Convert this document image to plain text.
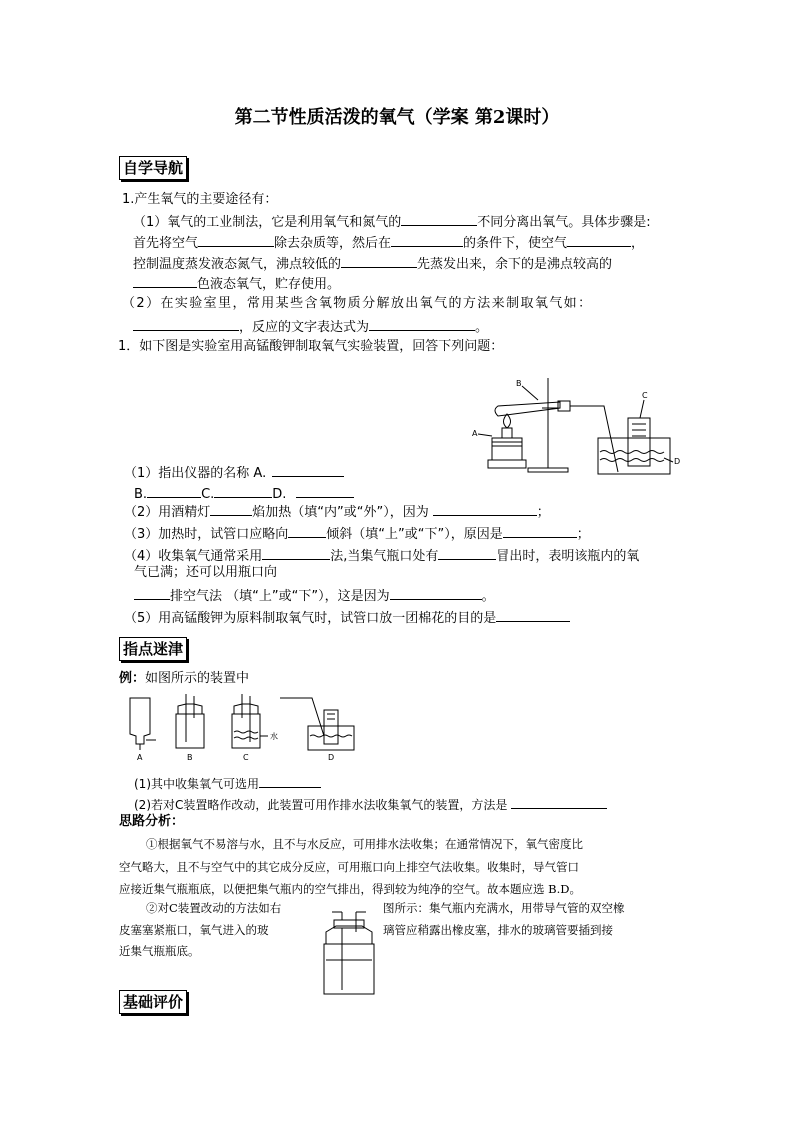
第二节性质活泼的氧气（学案 第2课时）
自学导航
1.产生氧气的主要途径有：
（1）氧气的工业制法，它是利用氧气和氮气的	不同分离出氧气。具体步骤是:
首先将空气	除去杂质等，然后在	的条件下，使空气	，
控制温度蒸发液态氮气，沸点较低的	先蒸发出来，余下的是沸点较高的
色液态氧气，贮存使用。
（2）在实验室里，常用某些含氧物质分解放出氧气的方法来制取氧气如：
，反应的文字表达式为	。
1．如下图是实验室用高锰酸钾制取氧气实验装置，回答下列问题：
B
A
C
D
（1）指出仪器的名称 A.
B.	C.	D.
（2）用酒精灯	焰加热（填“内”或“外”），因为	；
（3）加热时，试管口应略向	倾斜（填“上”或“下”），原因是	；
（4）收集氧气通常采用	法,当集气瓶口处有	冒出时，表明该瓶内的氧
气已满；还可以用瓶口向
排空气法 （填“上”或“下”），这是因为	。
（5）用高锰酸钾为原料制取氧气时，试管口放一团棉花的目的是
指点迷津
例：如图所示的装置中
水
A	B	C	D
(1)其中收集氧气可选用
(2)若对C装置略作改动，此装置可用作排水法收集氧气的装置，方法是
思路分析：
①根据氧气不易溶与水，且不与水反应，可用排水法收集；在通常情况下，氧气密度比
空气略大，且不与空气中的其它成分反应，可用瓶口向上排空气法收集。收集时，导气管口
应接近集气瓶瓶底，以便把集气瓶内的空气排出，得到较为纯净的空气。故本题应选 B.D。
②对C装置改动的方法如右
皮塞塞紧瓶口，氧气进入的玻
近集气瓶瓶底。
图所示：集气瓶内充满水，用带导气管的双空橡
璃管应稍露出橡皮塞，排水的玻璃管要插到接
基础评价
